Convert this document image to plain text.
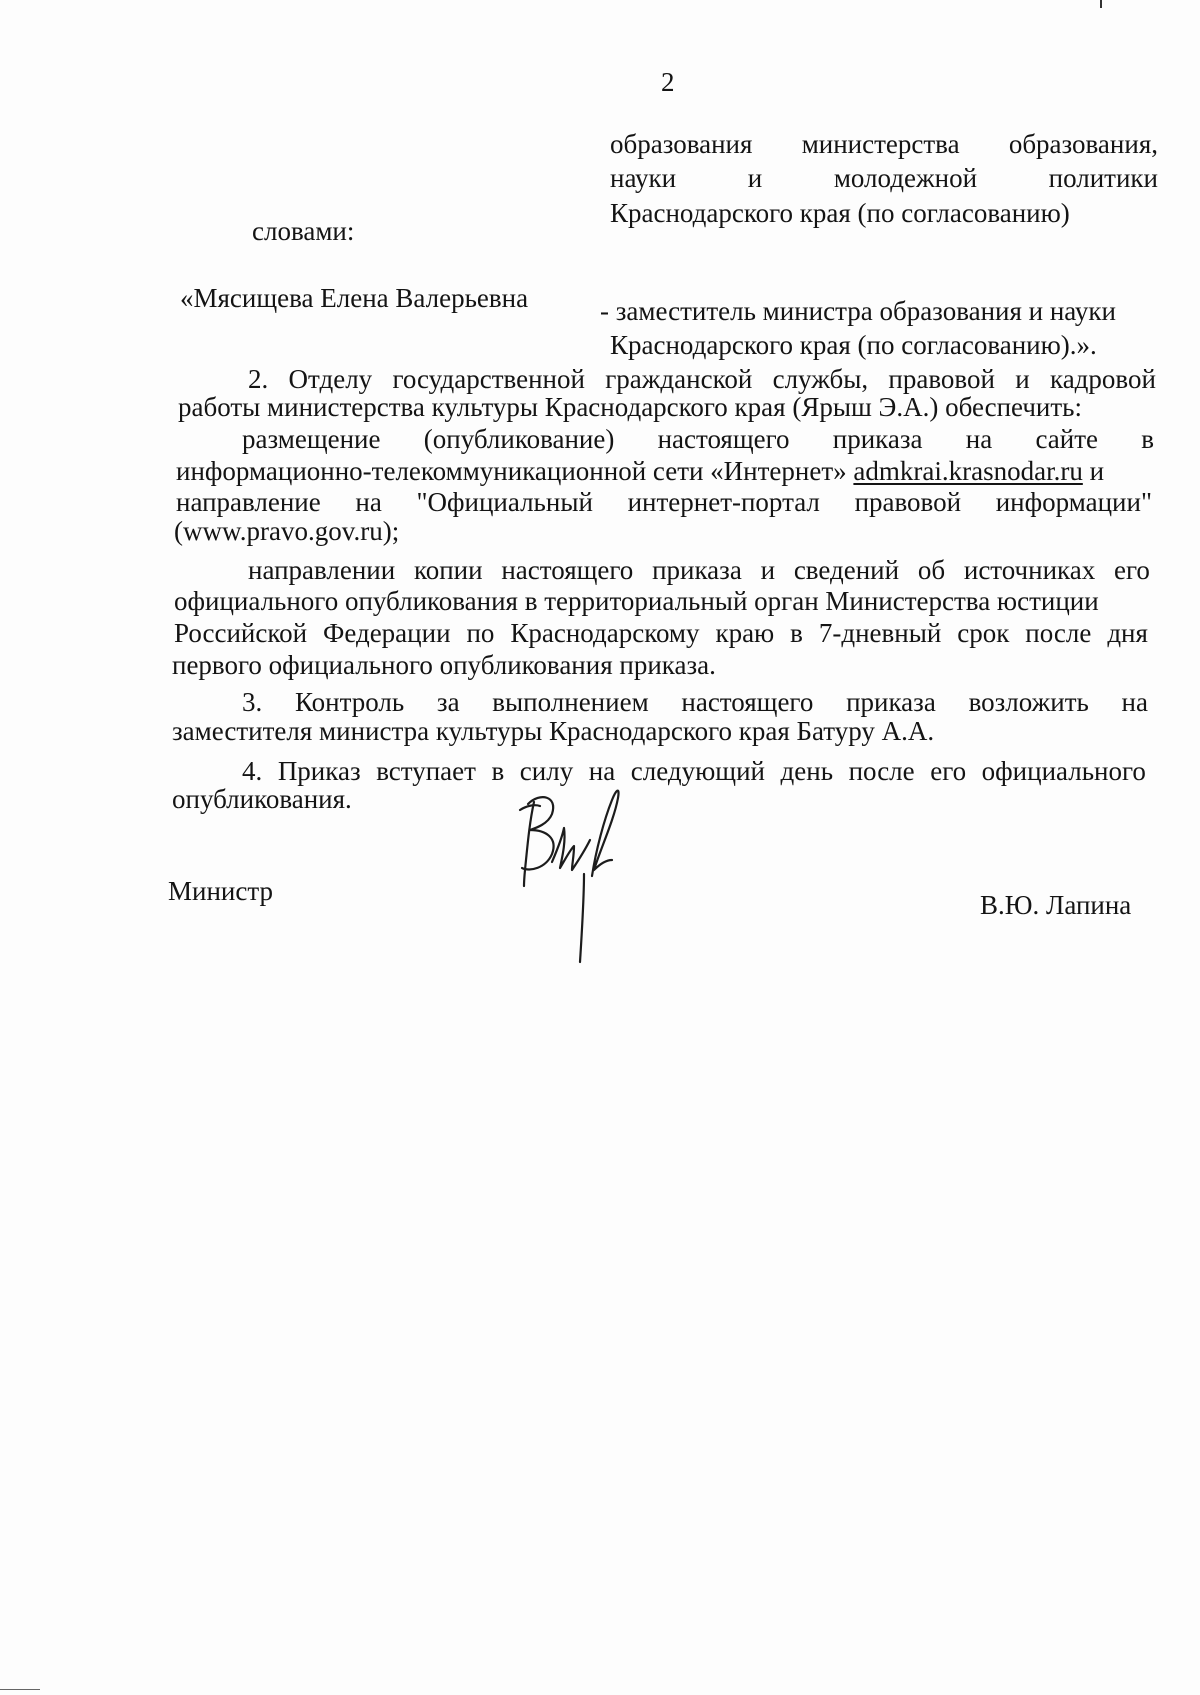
2
образования министерства образования,
науки	и	молодежной	политики
Краснодарского края (по согласованию)
словами:
«Мясищева Елена Валерьевна	- заместитель министра образования и науки
Краснодарского края (по согласованию).».
2. Отделу государственной гражданской службы, правовой и кадровой
работы министерства культуры Краснодарского края (Ярыш Э.А.) обеспечить:
размещение (опубликование) настоящего приказа на сайте в
информационно-телекоммуникационной сети «Интернет» admkrai.krasnodar.ru и
направление на "Официальный интернет-портал правовой информации"
(www.pravo.gov.ru);
направлении копии настоящего приказа и сведений об источниках его
официального опубликования в территориальный орган Министерства юстиции
Российской Федерации по Краснодарскому краю в 7-дневный срок после дня
первого официального опубликования приказа.
3. Контроль за выполнением настоящего приказа возложить на
заместителя министра культуры Краснодарского края Батуру А.А.
4. Приказ вступает в силу на следующий день после его официального
опубликования.
Министр	В.Ю. Лапина
